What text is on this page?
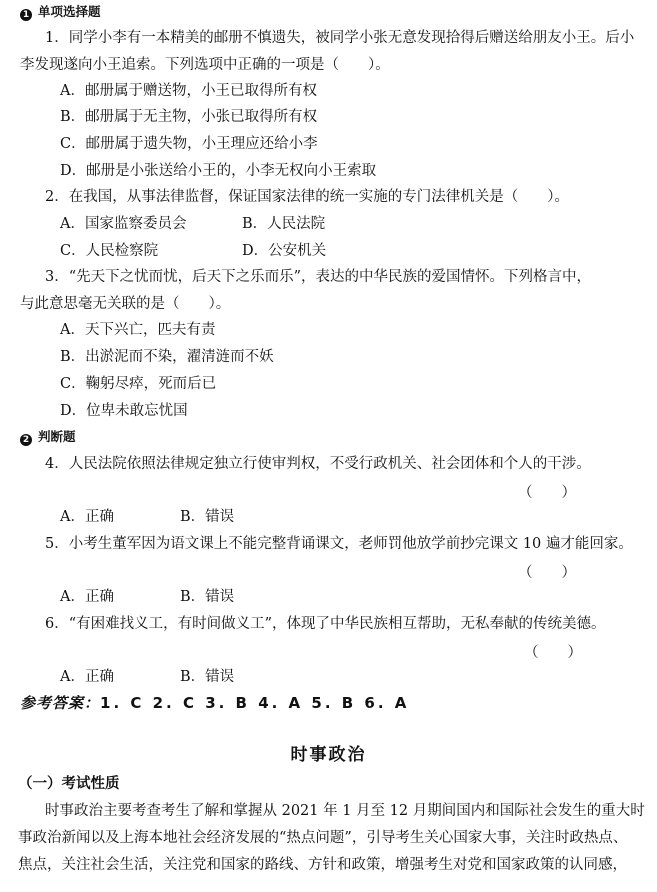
1 单项选择题
1．同学小李有一本精美的邮册不慎遗失，被同学小张无意发现拾得后赠送给朋友小王。后小
李发现遂向小王追索。下列选项中正确的一项是（　　）。
A．邮册属于赠送物，小王已取得所有权
B．邮册属于无主物，小张已取得所有权
C．邮册属于遗失物，小王理应还给小李
D．邮册是小张送给小王的，小李无权向小王索取
2．在我国，从事法律监督，保证国家法律的统一实施的专门法律机关是（　　）。
A．国家监察委员会	B．人民法院
C．人民检察院	D．公安机关
3．“先天下之忧而忧，后天下之乐而乐”，表达的中华民族的爱国情怀。下列格言中，
与此意思毫无关联的是（　　）。
A．天下兴亡，匹夫有责
B．出淤泥而不染，濯清涟而不妖
C．鞠躬尽瘁，死而后已
D．位卑未敢忘忧国
2 判断题
4．人民法院依照法律规定独立行使审判权，不受行政机关、社会团体和个人的干涉。
（　　）
A．正确	B．错误
5．小考生董军因为语文课上不能完整背诵课文，老师罚他放学前抄完课文 10 遍才能回家。
（　　）
A．正确	B．错误
6．“有困难找义工，有时间做义工”，体现了中华民族相互帮助，无私奉献的传统美德。
（　　）
A．正确	B．错误
参考答案：1. C 2. C 3. B 4. A 5. B 6. A
时事政治
（一）考试性质
时事政治主要考查考生了解和掌握从 2021 年 1 月至 12 月期间国内和国际社会发生的重大时
事政治新闻以及上海本地社会经济发展的“热点问题”，引导考生关心国家大事，关注时政热点、
焦点，关注社会生活，关注党和国家的路线、方针和政策，增强考生对党和国家政策的认同感，
